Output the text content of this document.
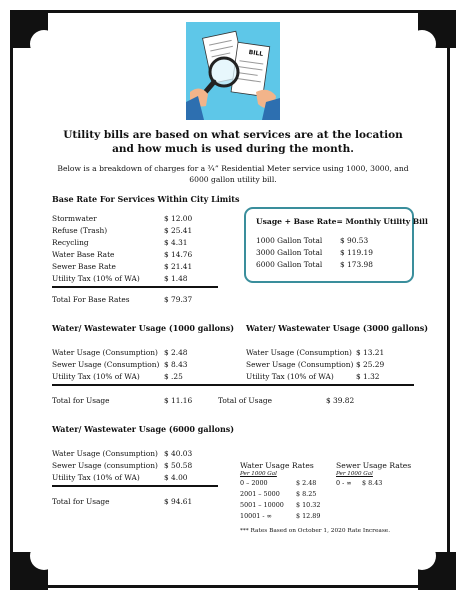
BILL
Utility bills are based on what services are at the location
and how much is used during the month.
Below is a breakdown of charges for a ¾” Residential Meter service using 1000, 3000, and
6000 gallon utility bill.
Base Rate For Services Within City Limits
Stormwater	$ 12.00
Refuse (Trash)	$ 25.41
Recycling	$ 4.31
Water Base Rate	$ 14.76
Sewer Base Rate	$ 21.41
Utility Tax (10% of WA)	$ 1.48
Total For Base Rates	$ 79.37
Usage + Base Rate= Monthly Utility Bill
1000 Gallon Total $ 90.53
3000 Gallon Total $ 119.19
6000 Gallon Total $ 173.98
Water/ Wastewater Usage (1000 gallons)
Water Usage (Consumption) $ 2.48
Sewer Usage (Consumption) $ 8.43
Utility Tax (10% of WA)	$ .25
Total for Usage	$ 11.16
Water/ Wastewater Usage (3000 gallons)
Water Usage (Consumption) $ 13.21
Sewer Usage (Consumption) $ 25.29
Utility Tax (10% of WA)	$ 1.32
Total of Usage	$ 39.82
Water/ Wastewater Usage (6000 gallons)
Water Usage (Consumption) $ 40.03
Sewer Usage (consumption) $ 50.58
Utility Tax (10% of WA)	$ 4.00
Total for Usage	$ 94.61
Water Usage Rates
Per 1000 Gal
0 – 2000	$ 2.48
2001 – 5000	$ 8.25
5001 – 10000 $ 10.32
10001 - ∞	$ 12.89
Sewer Usage Rates
Per 1000 Gal
0 - ∞ $ 8.43
*** Rates Based on October 1, 2020 Rate Increase.
